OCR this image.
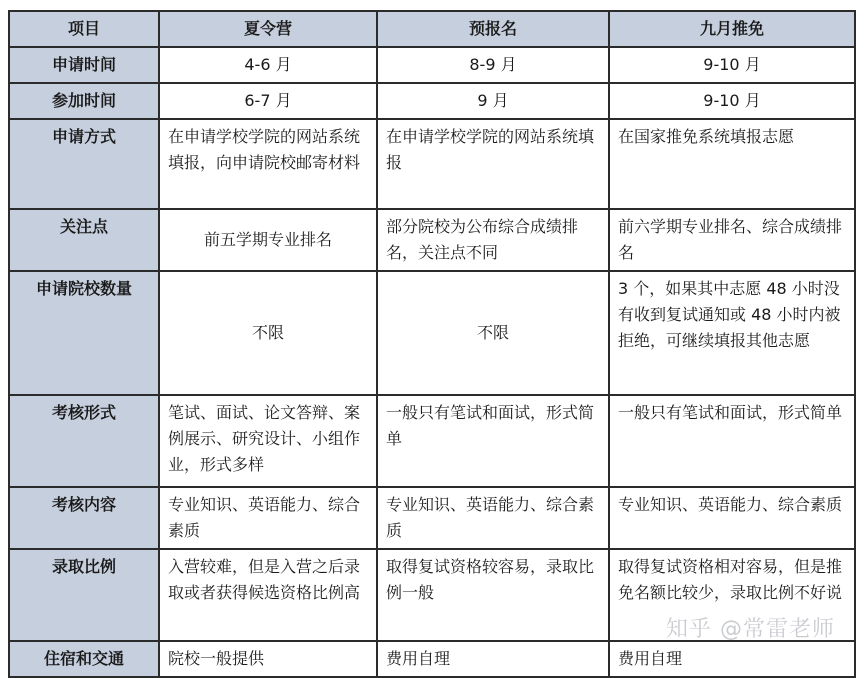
项目	夏令营	预报名	九月推免
申请时间	4-6 月	8-9 月	9-10 月
参加时间	6-7 月	9 月	9-10 月
申请方式	在申请学校学院的网站系统填报，向申请院校邮寄材料	在申请学校学院的网站系统填报	在国家推免系统填报志愿
关注点	前五学期专业排名	部分院校为公布综合成绩排名，关注点不同	前六学期专业排名、综合成绩排名
申请院校数量	不限	不限	3 个，如果其中志愿 48 小时没有收到复试通知或 48 小时内被拒绝，可继续填报其他志愿
考核形式	笔试、面试、论文答辩、案例展示、研究设计、小组作业，形式多样	一般只有笔试和面试，形式简单	一般只有笔试和面试，形式简单
考核内容	专业知识、英语能力、综合素质	专业知识、英语能力、综合素质	专业知识、英语能力、综合素质
录取比例	入营较难，但是入营之后录取或者获得候选资格比例高	取得复试资格较容易，录取比例一般	取得复试资格相对容易，但是推免名额比较少，录取比例不好说
住宿和交通	院校一般提供	费用自理	费用自理
知乎 @常雷老师
